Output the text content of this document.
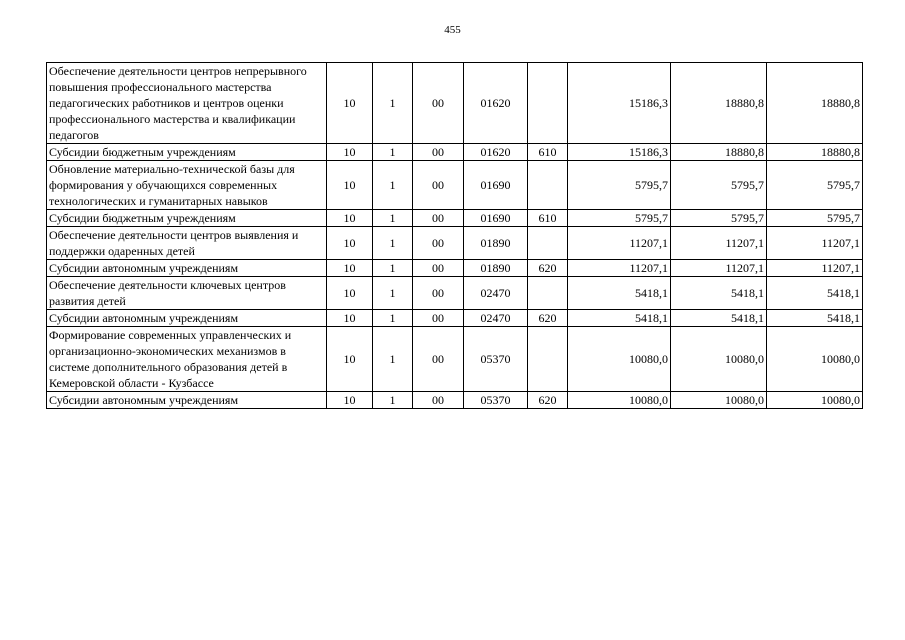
455
Обеспечение деятельности центров непрерывного повышения профессионального мастерства педагогических работников и центров оценки профессионального мастерства и квалификации педагогов	10	1	00	01620		15186,3	18880,8	18880,8
Субсидии бюджетным учреждениям	10	1	00	01620	610	15186,3	18880,8	18880,8
Обновление материально-технической базы для формирования у обучающихся современных технологических и гуманитарных навыков	10	1	00	01690		5795,7	5795,7	5795,7
Субсидии бюджетным учреждениям	10	1	00	01690	610	5795,7	5795,7	5795,7
Обеспечение деятельности центров выявления и поддержки одаренных детей	10	1	00	01890		11207,1	11207,1	11207,1
Субсидии автономным учреждениям	10	1	00	01890	620	11207,1	11207,1	11207,1
Обеспечение деятельности ключевых центров развития детей	10	1	00	02470		5418,1	5418,1	5418,1
Субсидии автономным учреждениям	10	1	00	02470	620	5418,1	5418,1	5418,1
Формирование современных управленческих и организационно-экономических механизмов в системе дополнительного образования детей в Кемеровской области - Кузбассе	10	1	00	05370		10080,0	10080,0	10080,0
Субсидии автономным учреждениям	10	1	00	05370	620	10080,0	10080,0	10080,0
